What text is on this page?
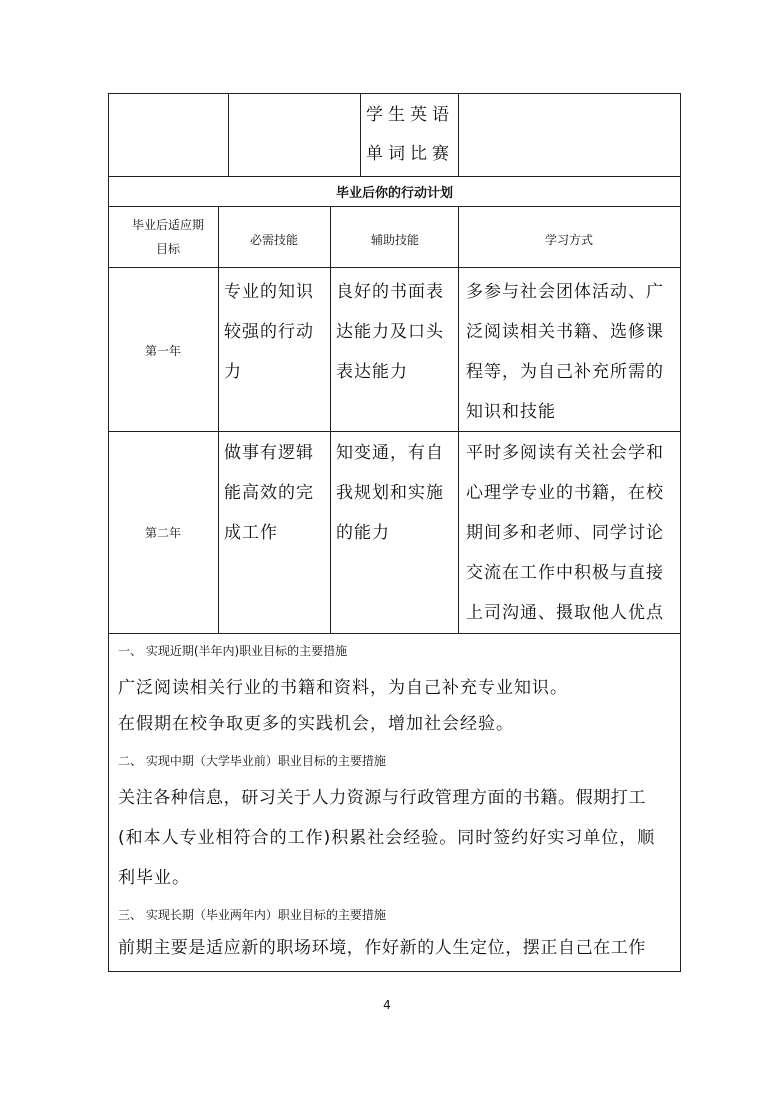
学生英语单词比赛
毕业后你的行动计划
毕业后适应期目标
必需技能	辅助技能	学习方式
第一年
专业的知识较强的行动力
良好的书面表达能力及口头表达能力
多参与社会团体活动、广泛阅读相关书籍、选修课程等，为自己补充所需的知识和技能
第二年
做事有逻辑能高效的完成工作
知变通，有自我规划和实施的能力
平时多阅读有关社会学和心理学专业的书籍，在校期间多和老师、同学讨论交流在工作中积极与直接上司沟通、摄取他人优点
一、 实现近期(半年内)职业目标的主要措施
广泛阅读相关行业的书籍和资料，为自己补充专业知识。
在假期在校争取更多的实践机会，增加社会经验。
二、 实现中期（大学毕业前）职业目标的主要措施
关注各种信息，研习关于人力资源与行政管理方面的书籍。假期打工
(和本人专业相符合的工作)积累社会经验。同时签约好实习单位，顺
利毕业。
三、 实现长期（毕业两年内）职业目标的主要措施
前期主要是适应新的职场环境，作好新的人生定位，摆正自己在工作
4
